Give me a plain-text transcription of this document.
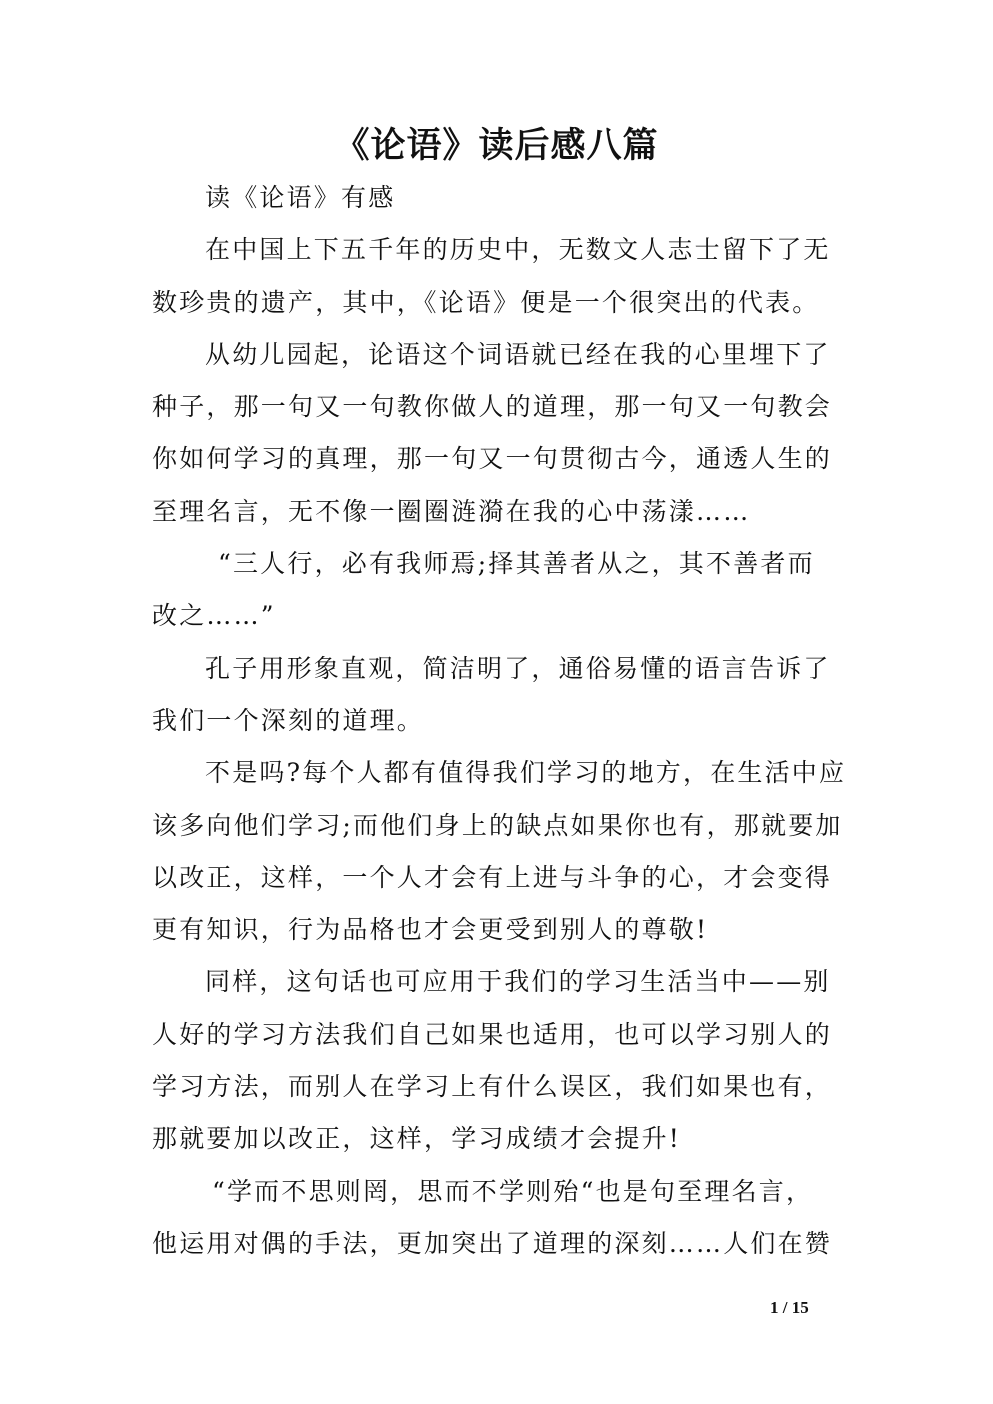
《论语》读后感八篇
读《论语》有感
在中国上下五千年的历史中，无数文人志士留下了无
数珍贵的遗产，其中，《论语》便是一个很突出的代表。
从幼儿园起，论语这个词语就已经在我的心里埋下了
种子，那一句又一句教你做人的道理，那一句又一句教会
你如何学习的真理，那一句又一句贯彻古今，通透人生的
至理名言，无不像一圈圈涟漪在我的心中荡漾……
“三人行，必有我师焉;择其善者从之，其不善者而
改之……”
孔子用形象直观，简洁明了，通俗易懂的语言告诉了
我们一个深刻的道理。
不是吗?每个人都有值得我们学习的地方，在生活中应
该多向他们学习;而他们身上的缺点如果你也有，那就要加
以改正，这样，一个人才会有上进与斗争的心，才会变得
更有知识，行为品格也才会更受到别人的尊敬!
同样，这句话也可应用于我们的学习生活当中——别
人好的学习方法我们自己如果也适用，也可以学习别人的
学习方法，而别人在学习上有什么误区，我们如果也有，
那就要加以改正，这样，学习成绩才会提升!
“学而不思则罔，思而不学则殆“也是句至理名言，
他运用对偶的手法，更加突出了道理的深刻……人们在赞
1 / 15
